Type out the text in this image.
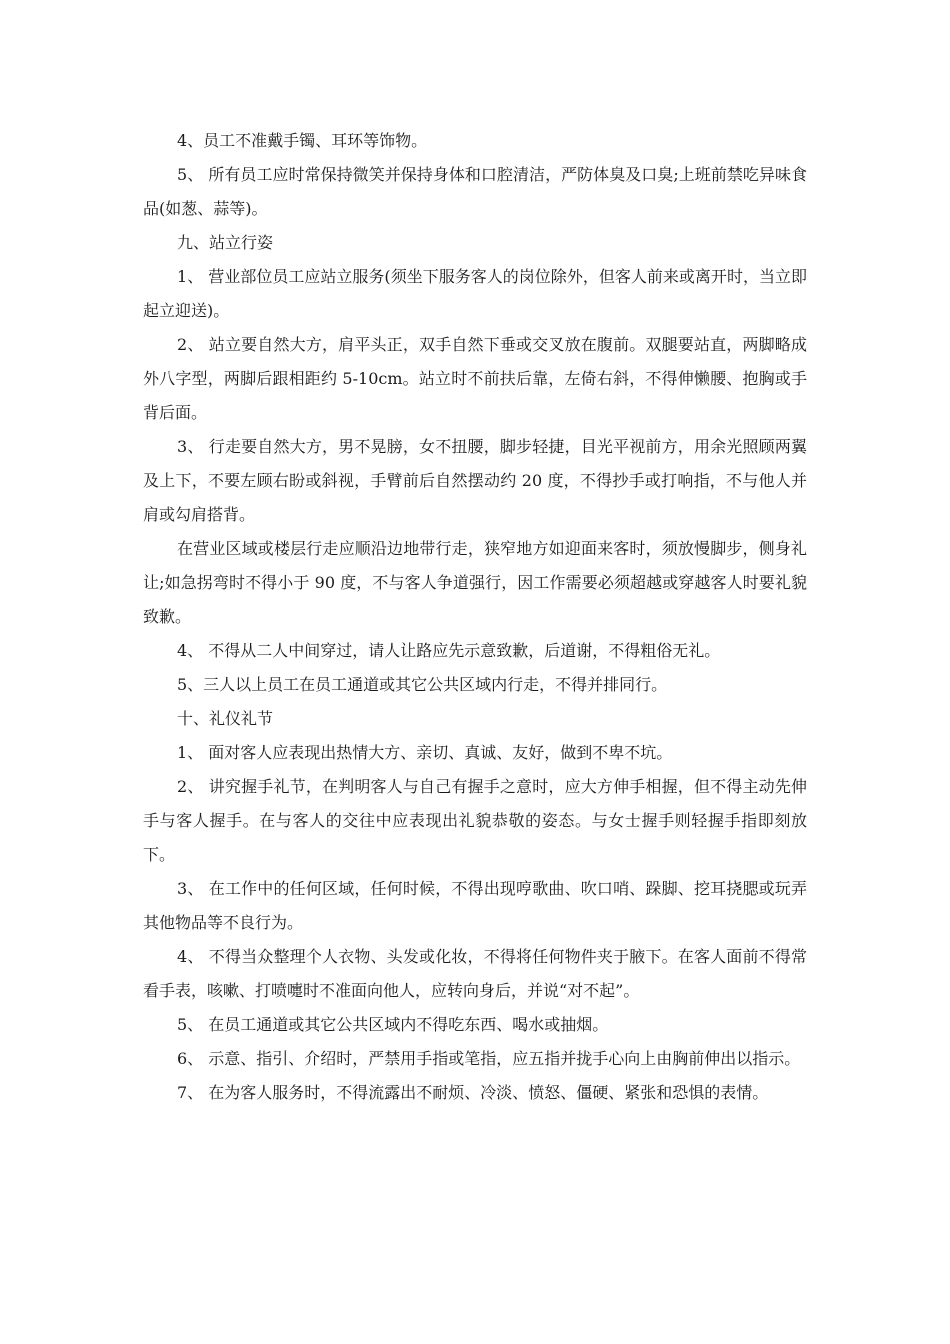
4、员工不准戴手镯、耳环等饰物。

5、 所有员工应时常保持微笑并保持身体和口腔清洁，严防体臭及口臭;上班前禁吃异味食品(如葱、蒜等)。

九、站立行姿

1、 营业部位员工应站立服务(须坐下服务客人的岗位除外，但客人前来或离开时，当立即起立迎送)。

2、 站立要自然大方，肩平头正，双手自然下垂或交叉放在腹前。双腿要站直，两脚略成外八字型，两脚后跟相距约 5-10cm。站立时不前扶后靠，左倚右斜，不得伸懒腰、抱胸或手背后面。

3、 行走要自然大方，男不晃膀，女不扭腰，脚步轻捷，目光平视前方，用余光照顾两翼及上下，不要左顾右盼或斜视，手臂前后自然摆动约 20 度，不得抄手或打响指，不与他人并肩或勾肩搭背。

在营业区域或楼层行走应顺沿边地带行走，狭窄地方如迎面来客时，须放慢脚步，侧身礼让;如急拐弯时不得小于 90 度，不与客人争道强行，因工作需要必须超越或穿越客人时要礼貌致歉。

4、 不得从二人中间穿过，请人让路应先示意致歉，后道谢，不得粗俗无礼。

5、三人以上员工在员工通道或其它公共区域内行走，不得并排同行。

十、礼仪礼节

1、 面对客人应表现出热情大方、亲切、真诚、友好，做到不卑不坑。

2、 讲究握手礼节，在判明客人与自己有握手之意时，应大方伸手相握，但不得主动先伸手与客人握手。在与客人的交往中应表现出礼貌恭敬的姿态。与女士握手则轻握手指即刻放下。

3、 在工作中的任何区域，任何时候，不得出现哼歌曲、吹口哨、跺脚、挖耳挠腮或玩弄其他物品等不良行为。

4、 不得当众整理个人衣物、头发或化妆，不得将任何物件夹于腋下。在客人面前不得常看手表，咳嗽、打喷嚏时不准面向他人，应转向身后，并说“对不起”。

5、 在员工通道或其它公共区域内不得吃东西、喝水或抽烟。

6、 示意、指引、介绍时，严禁用手指或笔指，应五指并拢手心向上由胸前伸出以指示。

7、 在为客人服务时，不得流露出不耐烦、冷淡、愤怒、僵硬、紧张和恐惧的表情。
